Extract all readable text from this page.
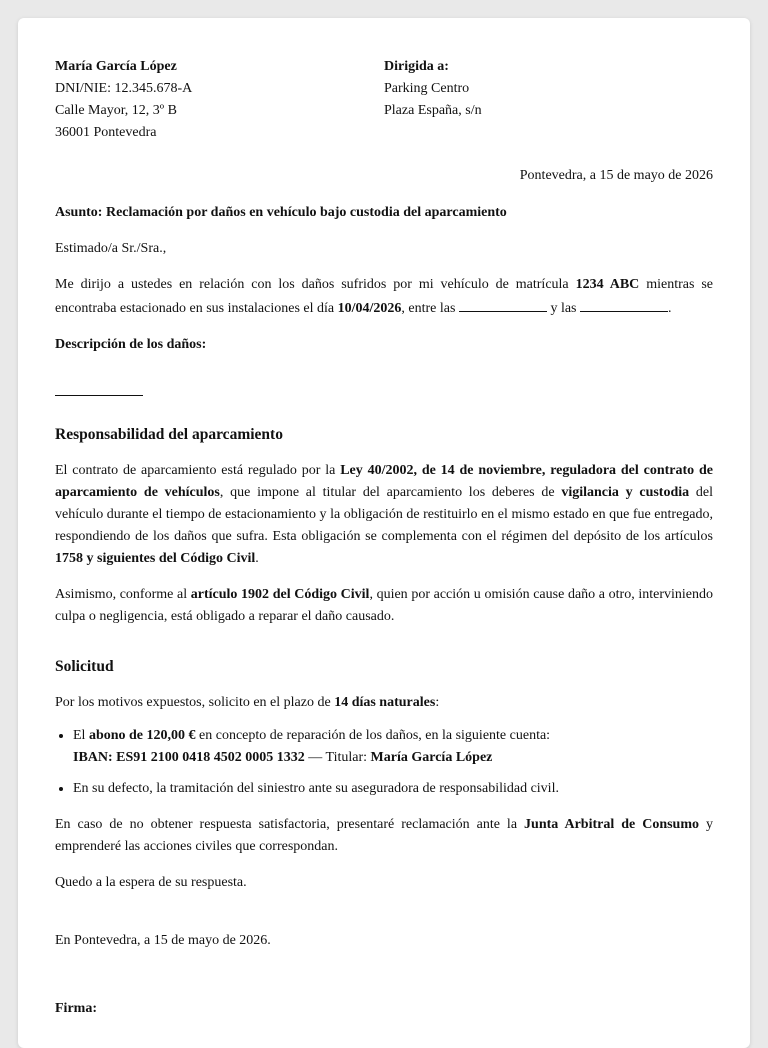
María García López
DNI/NIE: 12.345.678-A
Calle Mayor, 12, 3º B
36001 Pontevedra
Dirigida a:
Parking Centro
Plaza España, s/n
Pontevedra, a 15 de mayo de 2026
Asunto: Reclamación por daños en vehículo bajo custodia del aparcamiento
Estimado/a Sr./Sra.,
Me dirijo a ustedes en relación con los daños sufridos por mi vehículo de matrícula 1234 ABC mientras se encontraba estacionado en sus instalaciones el día 10/04/2026, entre las	y las	.
Descripción de los daños:
Responsabilidad del aparcamiento
El contrato de aparcamiento está regulado por la Ley 40/2002, de 14 de noviembre, reguladora del contrato de aparcamiento de vehículos, que impone al titular del aparcamiento los deberes de vigilancia y custodia del vehículo durante el tiempo de estacionamiento y la obligación de restituirlo en el mismo estado en que fue entregado, respondiendo de los daños que sufra. Esta obligación se complementa con el régimen del depósito de los artículos 1758 y siguientes del Código Civil.
Asimismo, conforme al artículo 1902 del Código Civil, quien por acción u omisión cause daño a otro, interviniendo culpa o negligencia, está obligado a reparar el daño causado.
Solicitud
Por los motivos expuestos, solicito en el plazo de 14 días naturales:
• El abono de 120,00 € en concepto de reparación de los daños, en la siguiente cuenta:
IBAN: ES91 2100 0418 4502 0005 1332 — Titular: María García López
• En su defecto, la tramitación del siniestro ante su aseguradora de responsabilidad civil.
En caso de no obtener respuesta satisfactoria, presentaré reclamación ante la Junta Arbitral de Consumo y emprenderé las acciones civiles que correspondan.
Quedo a la espera de su respuesta.
En Pontevedra, a 15 de mayo de 2026.
Firma:
